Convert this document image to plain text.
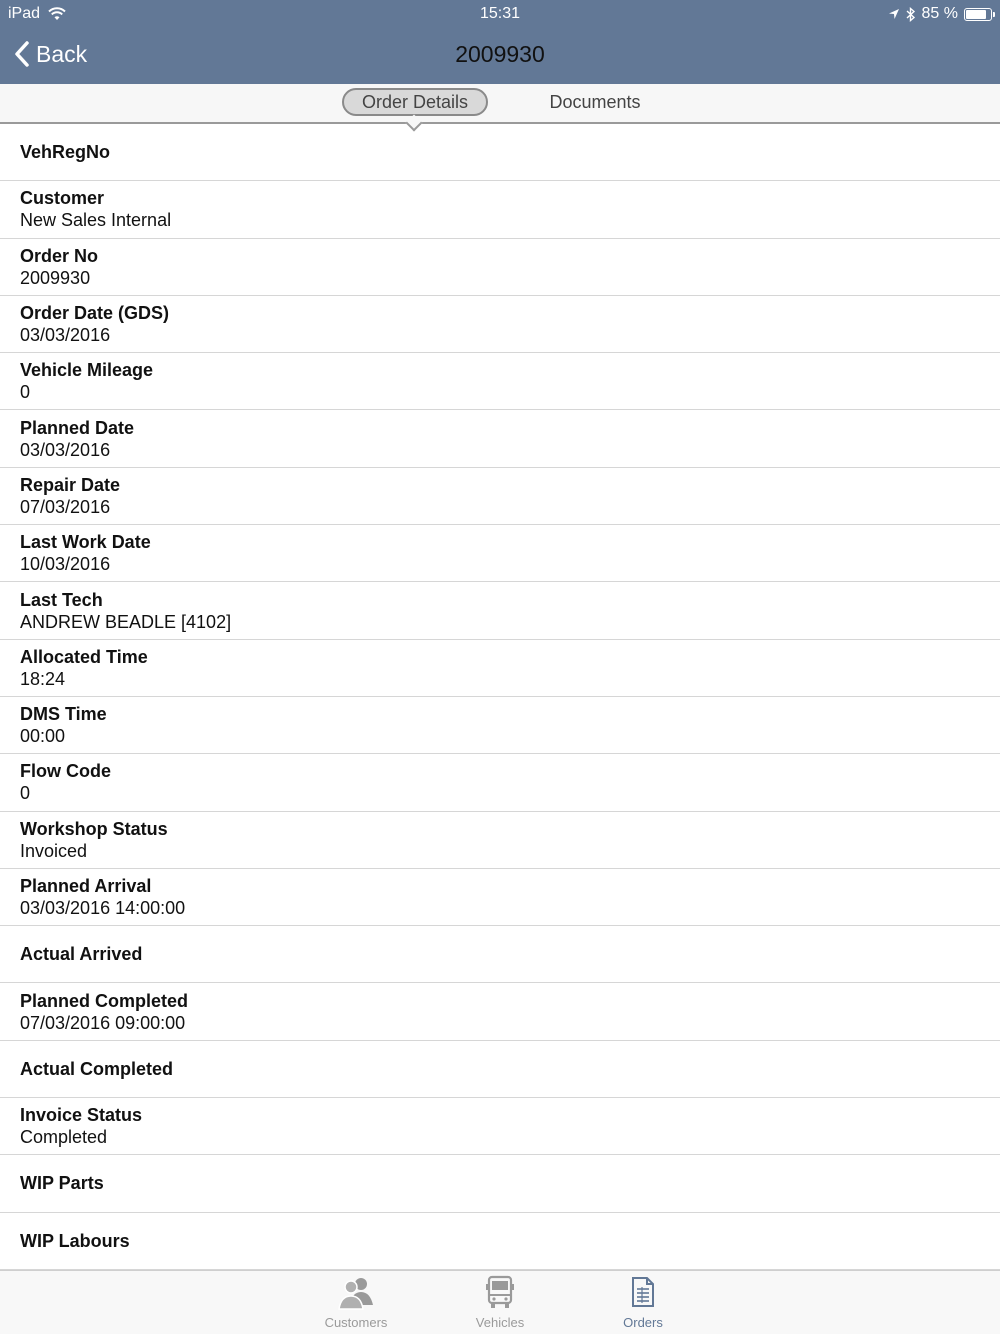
iPad	15:31	85 %
Back	2009930
Order Details	Documents
VehRegNo
Customer
New Sales Internal
Order No
2009930
Order Date (GDS)
03/03/2016
Vehicle Mileage
0
Planned Date
03/03/2016
Repair Date
07/03/2016
Last Work Date
10/03/2016
Last Tech
ANDREW BEADLE [4102]
Allocated Time
18:24
DMS Time
00:00
Flow Code
0
Workshop Status
Invoiced
Planned Arrival
03/03/2016 14:00:00
Actual Arrived
Planned Completed
07/03/2016 09:00:00
Actual Completed
Invoice Status
Completed
WIP Parts
WIP Labours
Customers	Vehicles	Orders
